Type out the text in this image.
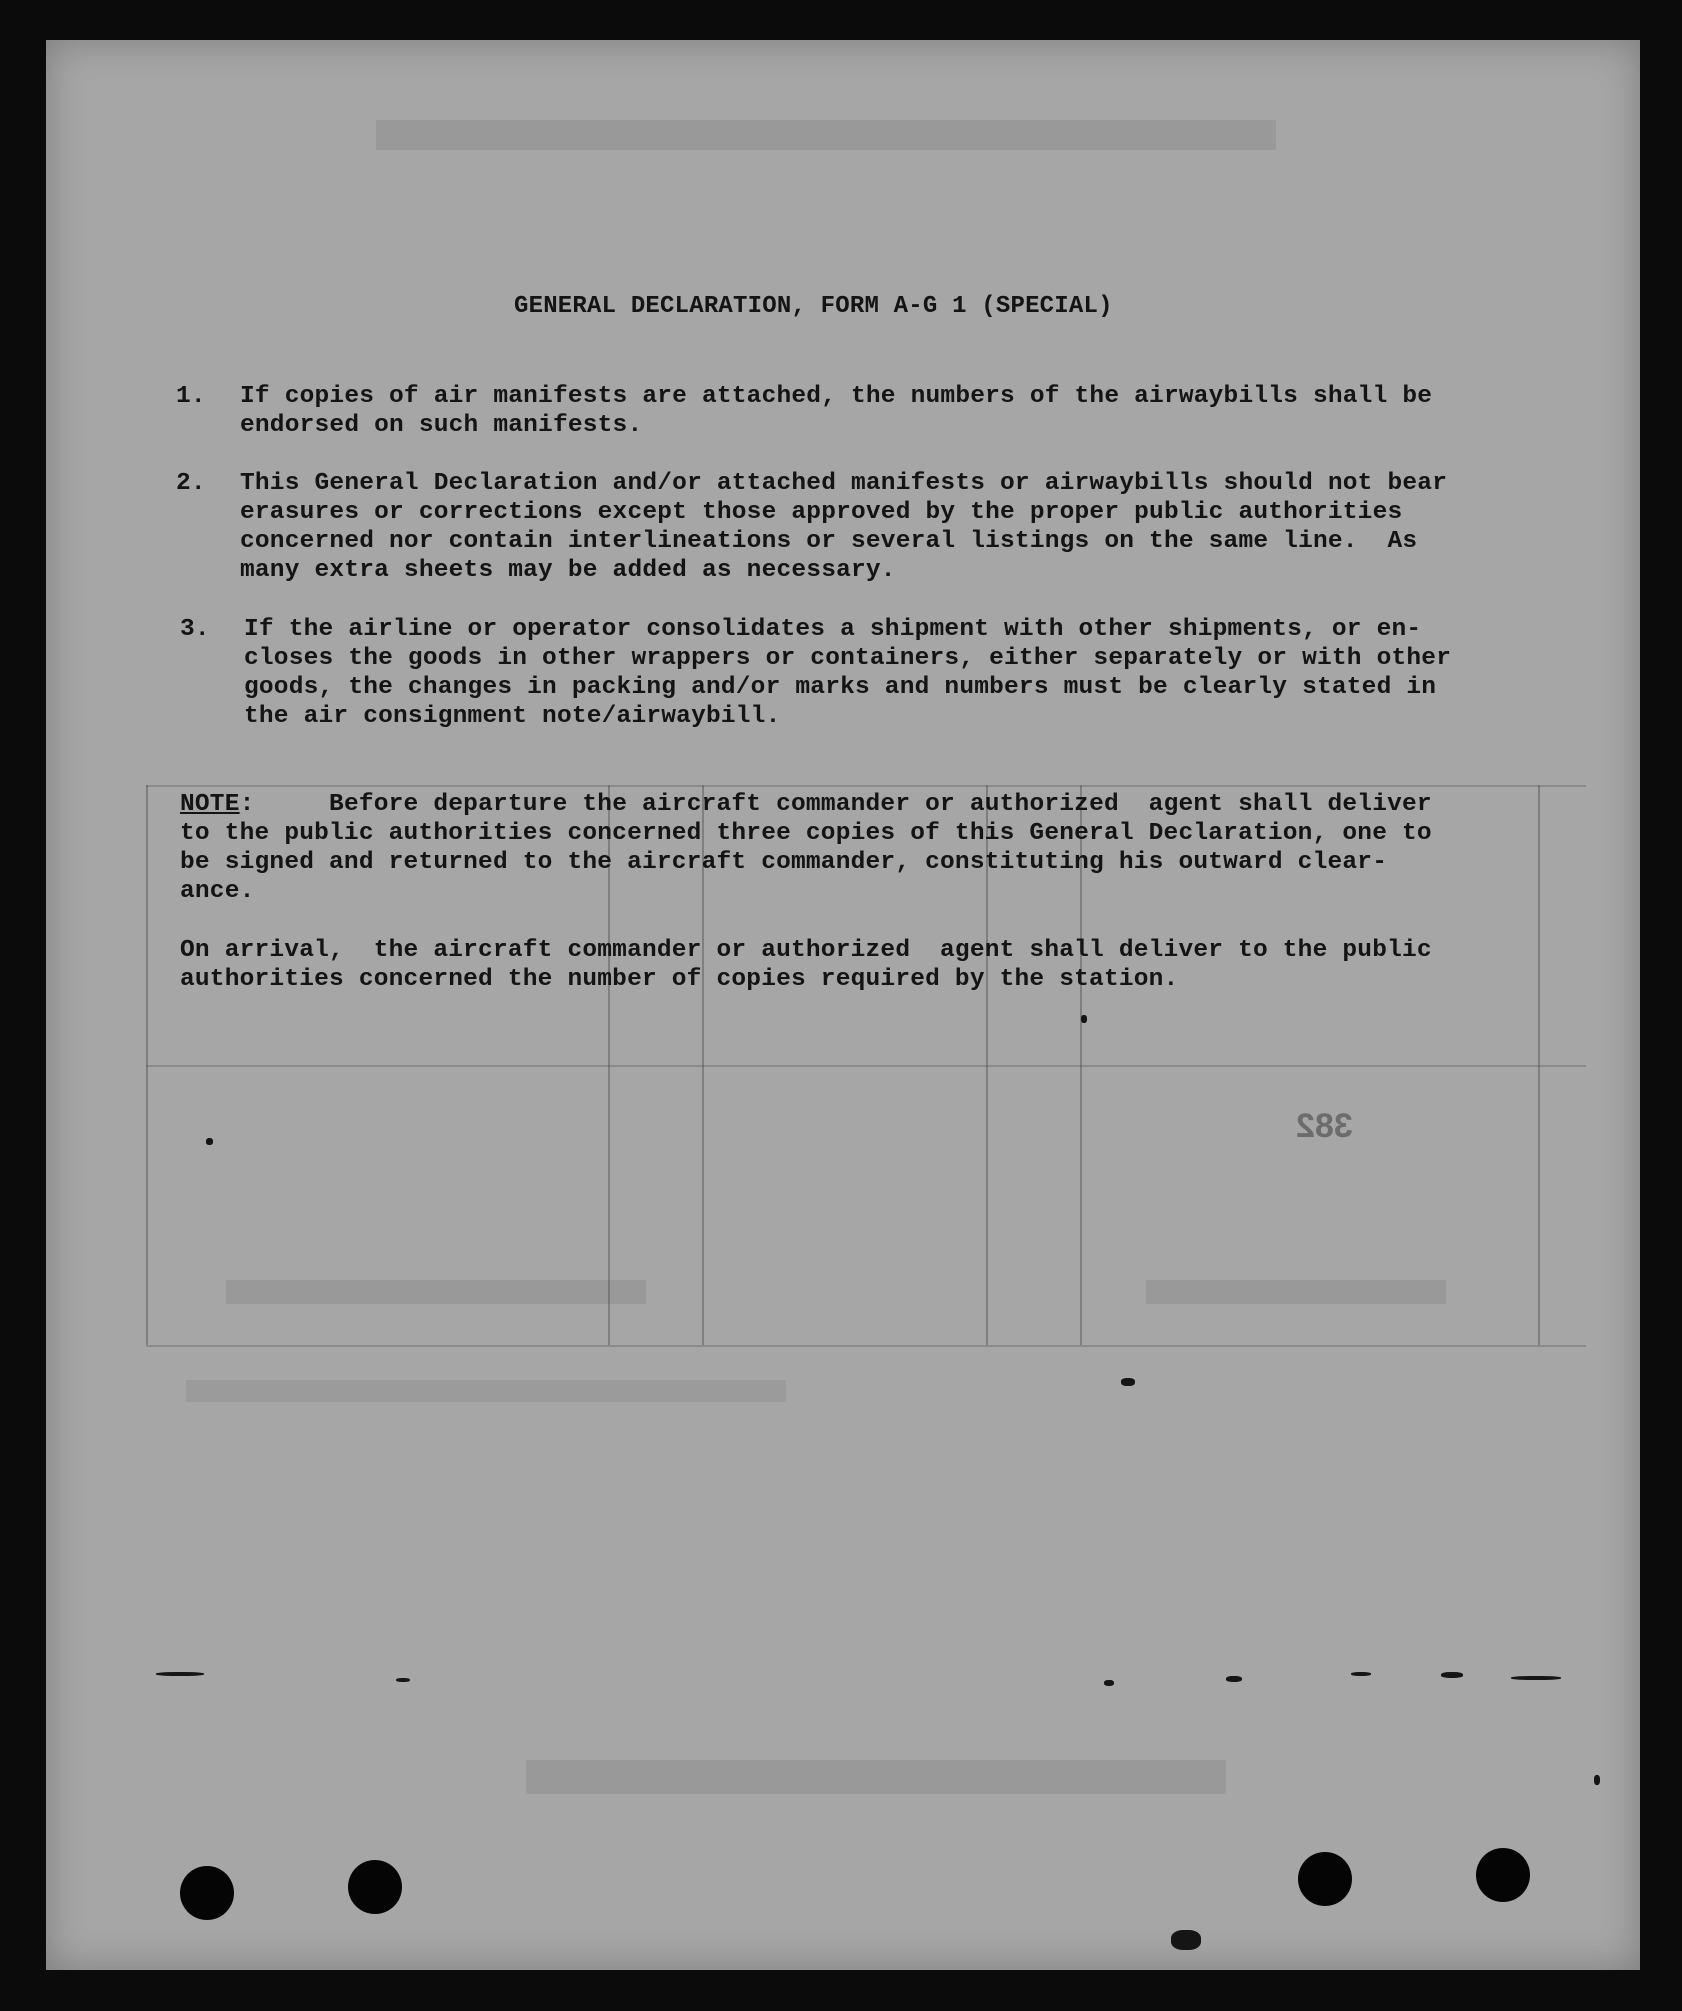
382
GENERAL DECLARATION, FORM A-G 1 (SPECIAL)
1.	If copies of air manifests are attached, the numbers of the airwaybills shall be
endorsed on such manifests.
2.	This General Declaration and/or attached manifests or airwaybills should not bear
erasures or corrections except those approved by the proper public authorities
concerned nor contain interlineations or several listings on the same line.  As
many extra sheets may be added as necessary.
3.	If the airline or operator consolidates a shipment with other shipments, or en-
closes the goods in other wrappers or containers, either separately or with other
goods, the changes in packing and/or marks and numbers must be clearly stated in
the air consignment note/airwaybill.
NOTE:     Before departure the aircraft commander or authorized  agent shall deliver
to the public authorities concerned three copies of this General Declaration, one to
be signed and returned to the aircraft commander, constituting his outward clear-
ance.
On arrival,  the aircraft commander or authorized  agent shall deliver to the public
authorities concerned the number of copies required by the station.
